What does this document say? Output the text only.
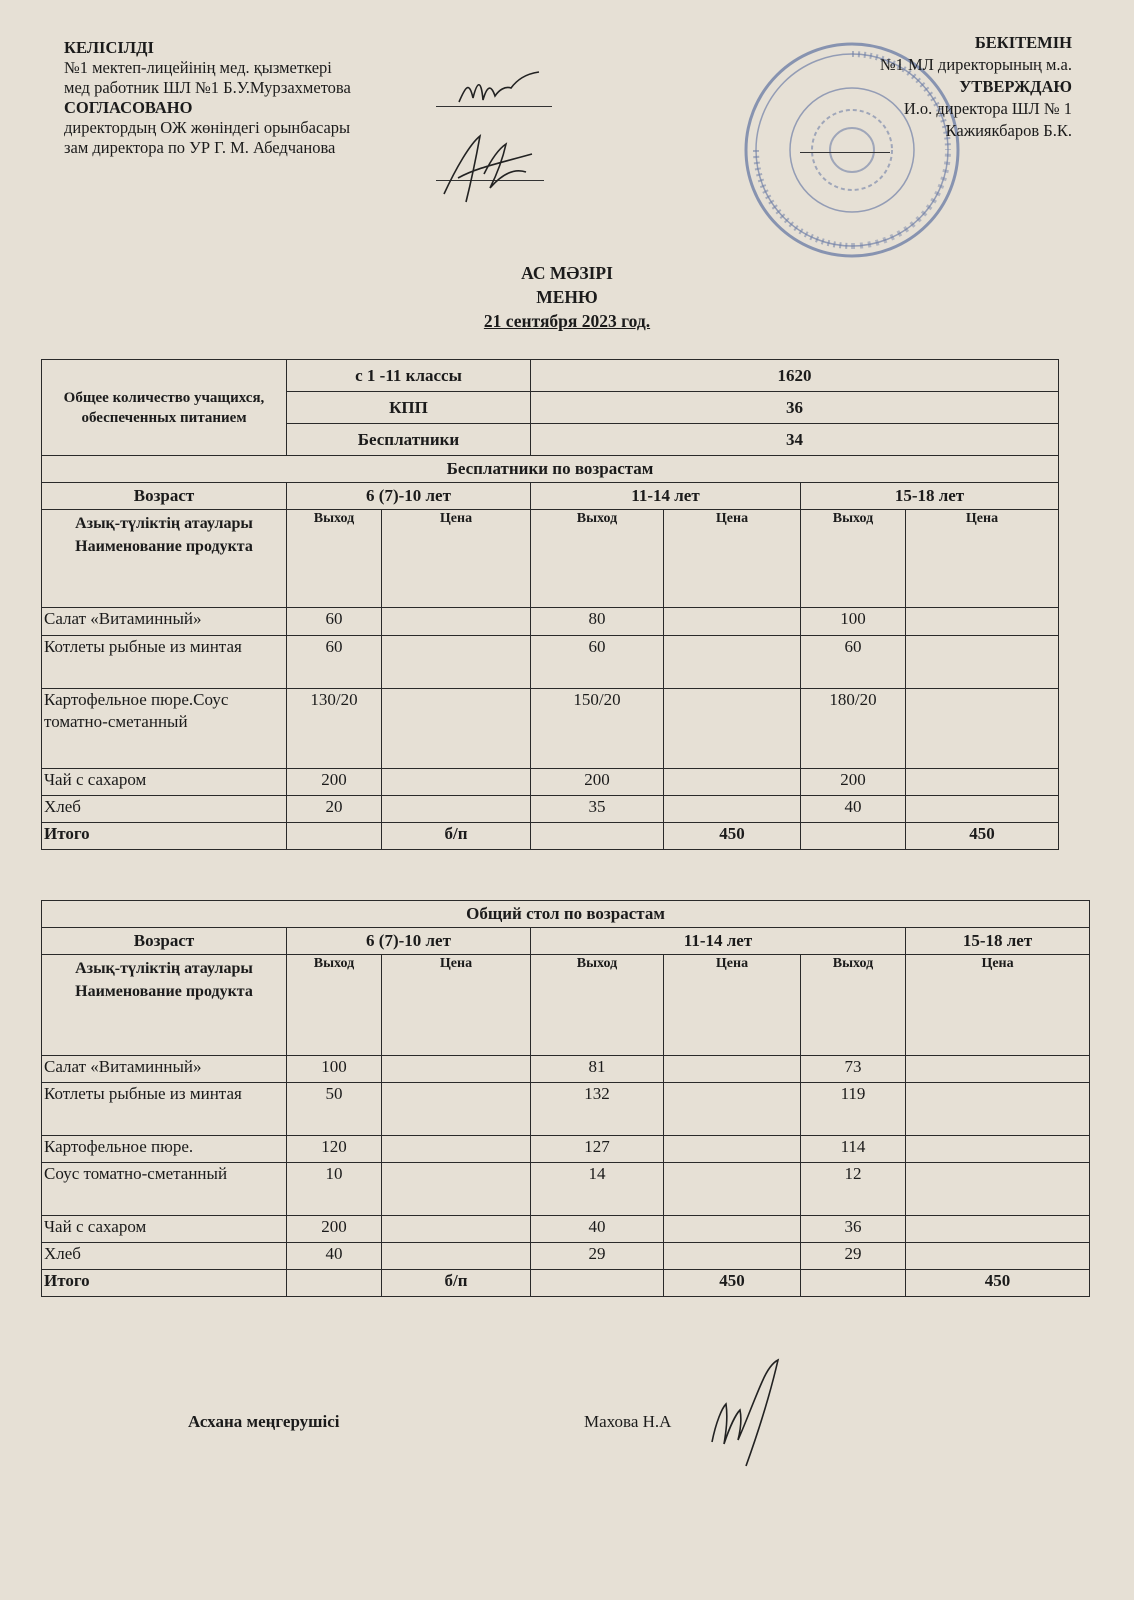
КЕЛІСІЛДІ
№1 мектеп-лицейінің мед. қызметкері
мед работник ШЛ №1 Б.У.Мурзахметова
СОГЛАСОВАНО
директордың ОЖ жөніндегі орынбасары
зам директора по УР Г. М. Абедчанова
БЕКІТЕМІН
№1 МЛ директорының м.а.
УТВЕРЖДАЮ
И.о. директора ШЛ № 1
Кажиякбаров Б.К.
АС МӘЗІРІ
МЕНЮ
21 сентября 2023 год.
Общее количество учащихся, обеспеченных питанием	с 1 -11 классы		1620			
	КПП		36			
	Бесплатники		34			
Бесплатники по возрастам						
Возраст	6 (7)-10 лет		11-14 лет		15-18 лет	
Азық-түліктің атаулары Наименование продукта	Выход	Цена	Выход	Цена	Выход	Цена
Салат «Витаминный»	60		80		100	
Котлеты рыбные из минтая	60		60		60	
Картофельное пюре.Соус томатно-сметанный	130/20		150/20		180/20	
Чай с сахаром	200		200		200	
Хлеб	20		35		40	
Итого		б/п		450		450
Общий стол по возрастам						
Возраст	6 (7)-10 лет		11-14 лет			15-18 лет
Азық-түліктің атаулары Наименование продукта	Выход	Цена	Выход	Цена	Выход	Цена
Салат «Витаминный»	100		81		73	
Котлеты рыбные из минтая	50		132		119	
Картофельное пюре.	120		127		114	
Соус томатно-сметанный	10		14		12	
Чай с сахаром	200		40		36	
Хлеб	40		29		29	
Итого		б/п		450		450
Асхана меңгерушісі	Махова Н.А
